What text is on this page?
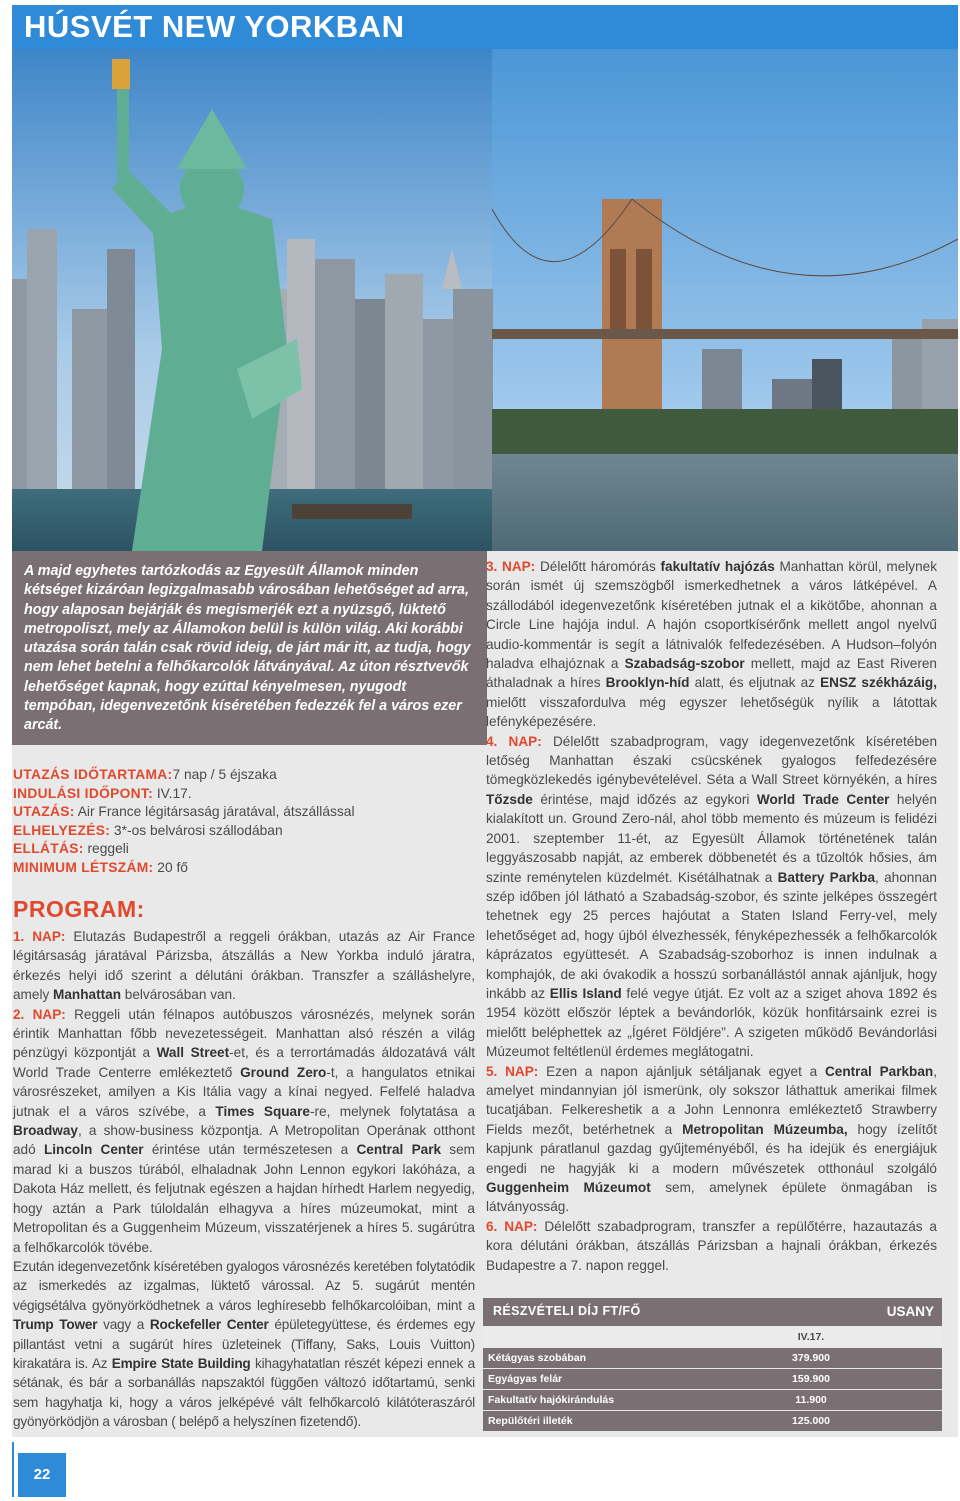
HÚSVÉT NEW YORKBAN

A majd egyhetes tartózkodás az Egyesült Államok minden kétséget kizáróan legizgalmasabb városában lehetőséget ad arra, hogy alaposan bejárják és megismerjék ezt a nyüzsgő, lüktető metropoliszt, mely az Államokon belül is külön világ. Aki korábbi utazása során talán csak rövid ideig, de járt már itt, az tudja, hogy nem lehet betelni a felhőkarcolók látványával. Az úton résztvevők lehetőséget kapnak, hogy ezúttal kényelmesen, nyugodt tempóban, idegenvezetőnk kíséretében fedezzék fel a város ezer arcát.

UTAZÁS IDŐTARTAMA:7 nap / 5 éjszaka
INDULÁSI IDŐPONT: IV.17.
UTAZÁS: Air France légitársaság járatával, átszállással
ELHELYEZÉS: 3*-os belvárosi szállodában
ELLÁTÁS: reggeli
MINIMUM LÉTSZÁM: 20 fő
PROGRAM:

1. NAP: Elutazás Budapestről a reggeli órákban, utazás az Air France légitársaság járatával Párizsba, átszállás a New Yorkba induló járatra, érkezés helyi idő szerint a délutáni órákban. Transzfer a szálláshelyre, amely Manhattan belvárosában van.

2. NAP: Reggeli után félnapos autóbuszos városnézés, melynek során érintik Manhattan főbb nevezetességeit. Manhattan alsó részén a világ pénzügyi központját a Wall Street-et, és a terrortámadás áldozatává vált World Trade Centerre emlékeztető Ground Zero-t, a hangulatos etnikai városrészeket, amilyen a Kis Itália vagy a kínai negyed. Felfelé haladva jutnak el a város szívébe, a Times Square-re, melynek folytatása a Broadway, a show-business központja. A Metropolitan Operának otthont adó Lincoln Center érintése után természetesen a Central Park sem marad ki a buszos túrából, elhaladnak John Lennon egykori lakóháza, a Dakota Ház mellett, és feljutnak egészen a hajdan hírhedt Harlem negyedig, hogy aztán a Park túloldalán elhagyva a híres múzeumokat, mint a Metropolitan és a Guggenheim Múzeum, visszatérjenek a híres 5. sugárútra a felhőkarcolók tövébe.

Ezután idegenvezetőnk kíséretében gyalogos városnézés keretében folytatódik az ismerkedés az izgalmas, lüktető várossal. Az 5. sugárút mentén végigsétálva gyönyörködhetnek a város leghíresebb felhőkarcolóiban, mint a Trump Tower vagy a Rockefeller Center épületegyüttese, és érdemes egy pillantást vetni a sugárút híres üzleteinek (Tiffany, Saks, Louis Vuitton) kirakatára is. Az Empire State Building kihagyhatatlan részét képezi ennek a sétának, és bár a sorbanállás napszaktól függően változó időtartamú, senki sem hagyhatja ki, hogy a város jelképévé vált felhőkarcoló kilátóteraszáról gyönyörködjön a városban ( belépő a helyszínen fizetendő).

3. NAP: Délelőtt háromórás fakultatív hajózás Manhattan körül, melynek során ismét új szemszögből ismerkedhetnek a város látképével. A szállodából idegenvezetőnk kíséretében jutnak el a kikötőbe, ahonnan a Circle Line hajója indul. A hajón csoportkísérőnk mellett angol nyelvű audio-kommentár is segít a látnivalók felfedezésében. A Hudson–folyón haladva elhajóznak a Szabadság-szobor mellett, majd az East Riveren áthaladnak a híres Brooklyn-híd alatt, és eljutnak az ENSZ székházáig, mielőtt visszafordulva még egyszer lehetőségük nyílik a látottak lefényképezésére.

4. NAP: Délelőtt szabadprogram, vagy idegenvezetőnk kíséretében letőség Manhattan északi csücskének gyalogos felfedezésére tömegközlekedés igénybevételével. Séta a Wall Street környékén, a híres Tőzsde érintése, majd időzés az egykori World Trade Center helyén kialakított un. Ground Zero-nál, ahol több memento és múzeum is felidézi 2001. szeptember 11-ét, az Egyesült Államok történetének talán leggyászosabb napját, az emberek döbbenetét és a tűzoltók hősies, ám szinte reménytelen küzdelmét. Kisétálhatnak a Battery Parkba, ahonnan szép időben jól látható a Szabadság-szobor, és szinte jelképes összegért tehetnek egy 25 perces hajóutat a Staten Island Ferry-vel, mely lehetőséget ad, hogy újból élvezhessék, fényképezhessék a felhőkarcolók káprázatos együttesét. A Szabadság-szoborhoz is innen indulnak a komphajók, de aki óvakodik a hosszú sorbanállástól annak ajánljuk, hogy inkább az Ellis Island felé vegye útját. Ez volt az a sziget ahova 1892 és 1954 között először léptek a bevándorlók, közük honfitársaink ezrei is mielőtt beléphettek az „Ígéret Földjére”. A szigeten működő Bevándorlási Múzeumot feltétlenül érdemes meglátogatni.

5. NAP: Ezen a napon ajánljuk sétáljanak egyet a Central Parkban, amelyet mindannyian jól ismerünk, oly sokszor láthattuk amerikai filmek tucatjában. Felkereshetik a a John Lennonra emlékeztető Strawberry Fields mezőt, betérhetnek a Metropolitan Múzeumba, hogy ízelítőt kapjunk páratlanul gazdag gyűjteményéből, és ha idejük és energiájuk engedi ne hagyják ki a modern művészetek otthonául szolgáló Guggenheim Múzeumot sem, amelynek épülete önmagában is látványosság.

6. NAP: Délelőtt szabadprogram, transzfer a repülőtérre, hazautazás a kora délutáni órákban, átszállás Párizsban a hajnali órákban, érkezés Budapestre a 7. napon reggel.

RÉSZVÉTELI DÍJ FT/FŐ	USANY
IV.17.
Kétágyas szobában	379.900
Egyágyas felár	159.900
Fakultatív hajókirándulás	11.900
Repülőtéri illeték	125.000
22
